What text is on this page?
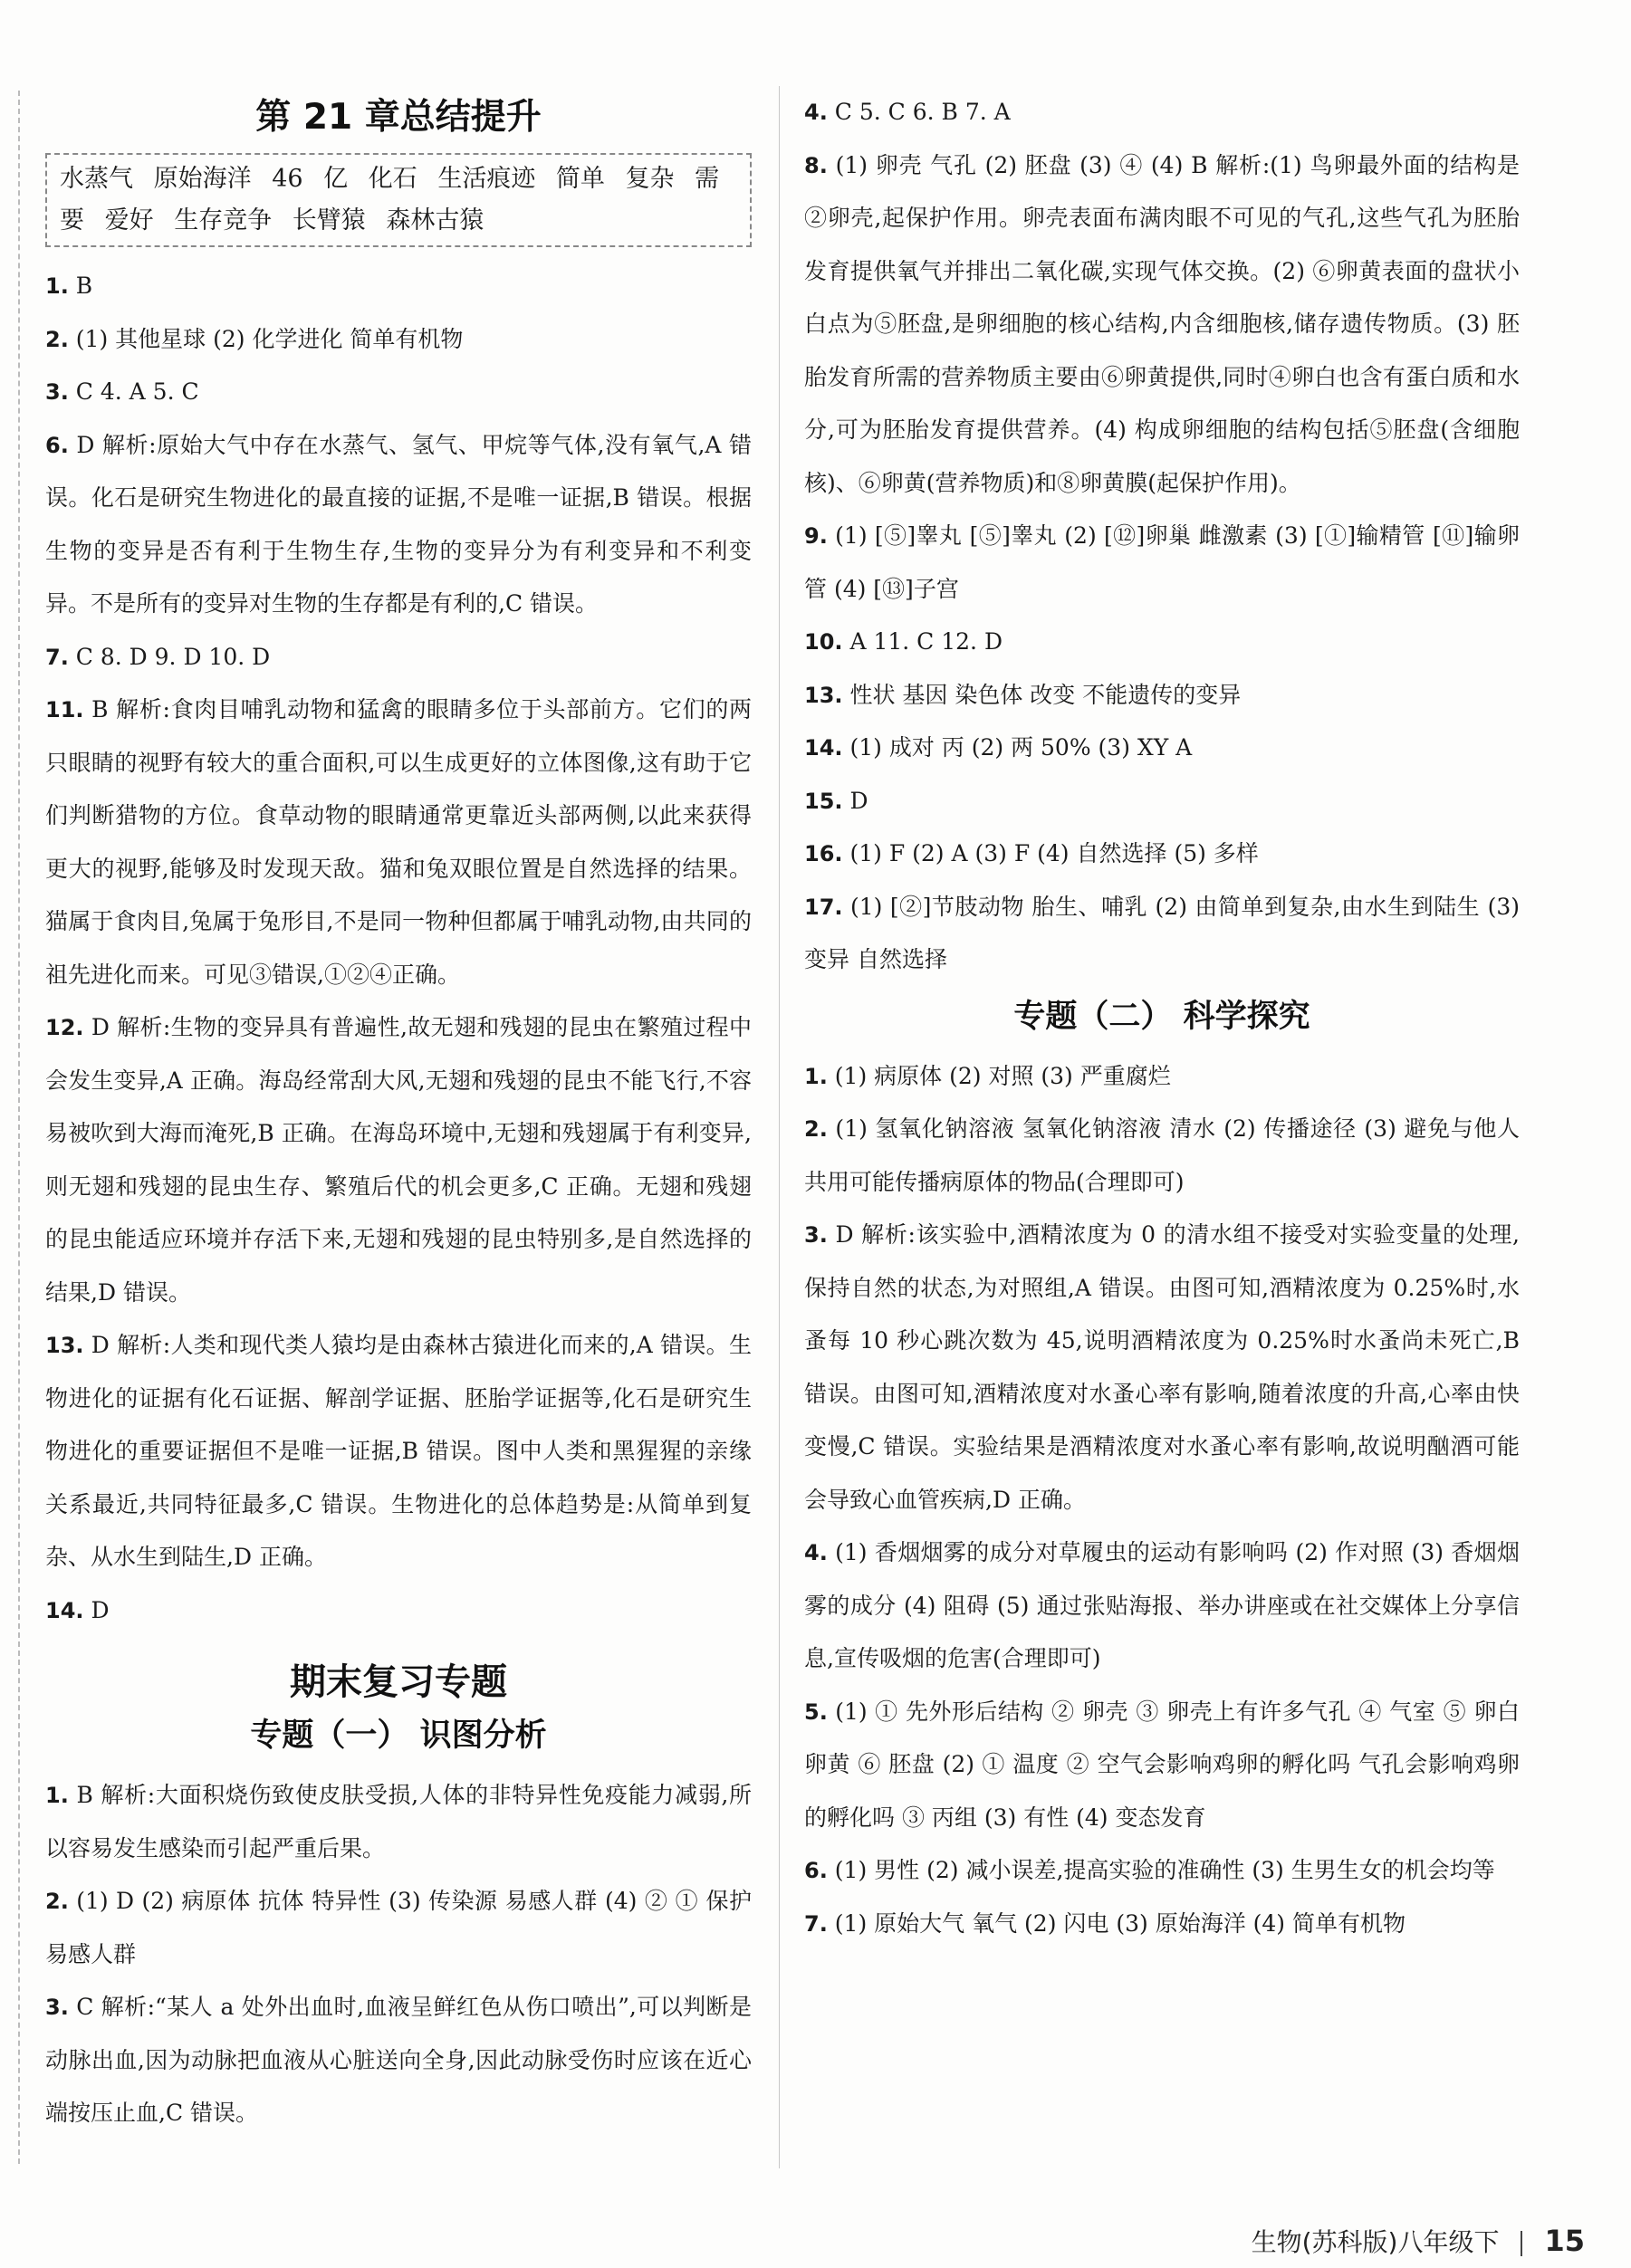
第 21 章总结提升
水蒸气 原始海洋 46 亿 化石 生活痕迹 简单 复杂 需要 爱好 生存竞争 长臂猿 森林古猿

1. B

2. (1) 其他星球 (2) 化学进化 简单有机物

3. C 4. A 5. C

6. D 解析:原始大气中存在水蒸气、氢气、甲烷等气体,没有氧气,A 错误。化石是研究生物进化的最直接的证据,不是唯一证据,B 错误。根据生物的变异是否有利于生物生存,生物的变异分为有利变异和不利变异。不是所有的变异对生物的生存都是有利的,C 错误。

7. C 8. D 9. D 10. D

11. B 解析:食肉目哺乳动物和猛禽的眼睛多位于头部前方。它们的两只眼睛的视野有较大的重合面积,可以生成更好的立体图像,这有助于它们判断猎物的方位。食草动物的眼睛通常更靠近头部两侧,以此来获得更大的视野,能够及时发现天敌。猫和兔双眼位置是自然选择的结果。猫属于食肉目,兔属于兔形目,不是同一物种但都属于哺乳动物,由共同的祖先进化而来。可见③错误,①②④正确。

12. D 解析:生物的变异具有普遍性,故无翅和残翅的昆虫在繁殖过程中会发生变异,A 正确。海岛经常刮大风,无翅和残翅的昆虫不能飞行,不容易被吹到大海而淹死,B 正确。在海岛环境中,无翅和残翅属于有利变异,则无翅和残翅的昆虫生存、繁殖后代的机会更多,C 正确。无翅和残翅的昆虫能适应环境并存活下来,无翅和残翅的昆虫特别多,是自然选择的结果,D 错误。

13. D 解析:人类和现代类人猿均是由森林古猿进化而来的,A 错误。生物进化的证据有化石证据、解剖学证据、胚胎学证据等,化石是研究生物进化的重要证据但不是唯一证据,B 错误。图中人类和黑猩猩的亲缘关系最近,共同特征最多,C 错误。生物进化的总体趋势是:从简单到复杂、从水生到陆生,D 正确。

14. D

期末复习专题
专题（一） 识图分析

1. B 解析:大面积烧伤致使皮肤受损,人体的非特异性免疫能力减弱,所以容易发生感染而引起严重后果。

2. (1) D (2) 病原体 抗体 特异性 (3) 传染源 易感人群 (4) ② ① 保护易感人群

3. C 解析:“某人 a 处外出血时,血液呈鲜红色从伤口喷出”,可以判断是动脉出血,因为动脉把血液从心脏送向全身,因此动脉受伤时应该在近心端按压止血,C 错误。

4. C 5. C 6. B 7. A

8. (1) 卵壳 气孔 (2) 胚盘 (3) ④ (4) B 解析:(1) 鸟卵最外面的结构是②卵壳,起保护作用。卵壳表面布满肉眼不可见的气孔,这些气孔为胚胎发育提供氧气并排出二氧化碳,实现气体交换。(2) ⑥卵黄表面的盘状小白点为⑤胚盘,是卵细胞的核心结构,内含细胞核,储存遗传物质。(3) 胚胎发育所需的营养物质主要由⑥卵黄提供,同时④卵白也含有蛋白质和水分,可为胚胎发育提供营养。(4) 构成卵细胞的结构包括⑤胚盘(含细胞核)、⑥卵黄(营养物质)和⑧卵黄膜(起保护作用)。

9. (1) [⑤]睾丸 [⑤]睾丸 (2) [⑫]卵巢 雌激素 (3) [①]输精管 [⑪]输卵管 (4) [⑬]子宫

10. A 11. C 12. D

13. 性状 基因 染色体 改变 不能遗传的变异

14. (1) 成对 丙 (2) 两 50% (3) XY A

15. D

16. (1) F (2) A (3) F (4) 自然选择 (5) 多样

17. (1) [②]节肢动物 胎生、哺乳 (2) 由简单到复杂,由水生到陆生 (3) 变异 自然选择

专题（二） 科学探究

1. (1) 病原体 (2) 对照 (3) 严重腐烂

2. (1) 氢氧化钠溶液 氢氧化钠溶液 清水 (2) 传播途径 (3) 避免与他人共用可能传播病原体的物品(合理即可)

3. D 解析:该实验中,酒精浓度为 0 的清水组不接受对实验变量的处理,保持自然的状态,为对照组,A 错误。由图可知,酒精浓度为 0.25%时,水蚤每 10 秒心跳次数为 45,说明酒精浓度为 0.25%时水蚤尚未死亡,B 错误。由图可知,酒精浓度对水蚤心率有影响,随着浓度的升高,心率由快变慢,C 错误。实验结果是酒精浓度对水蚤心率有影响,故说明酗酒可能会导致心血管疾病,D 正确。

4. (1) 香烟烟雾的成分对草履虫的运动有影响吗 (2) 作对照 (3) 香烟烟雾的成分 (4) 阻碍 (5) 通过张贴海报、举办讲座或在社交媒体上分享信息,宣传吸烟的危害(合理即可)

5. (1) ① 先外形后结构 ② 卵壳 ③ 卵壳上有许多气孔 ④ 气室 ⑤ 卵白 卵黄 ⑥ 胚盘 (2) ① 温度 ② 空气会影响鸡卵的孵化吗 气孔会影响鸡卵的孵化吗 ③ 丙组 (3) 有性 (4) 变态发育

6. (1) 男性 (2) 减小误差,提高实验的准确性 (3) 生男生女的机会均等

7. (1) 原始大气 氧气 (2) 闪电 (3) 原始海洋 (4) 简单有机物

生物(苏科版)八年级下 15
